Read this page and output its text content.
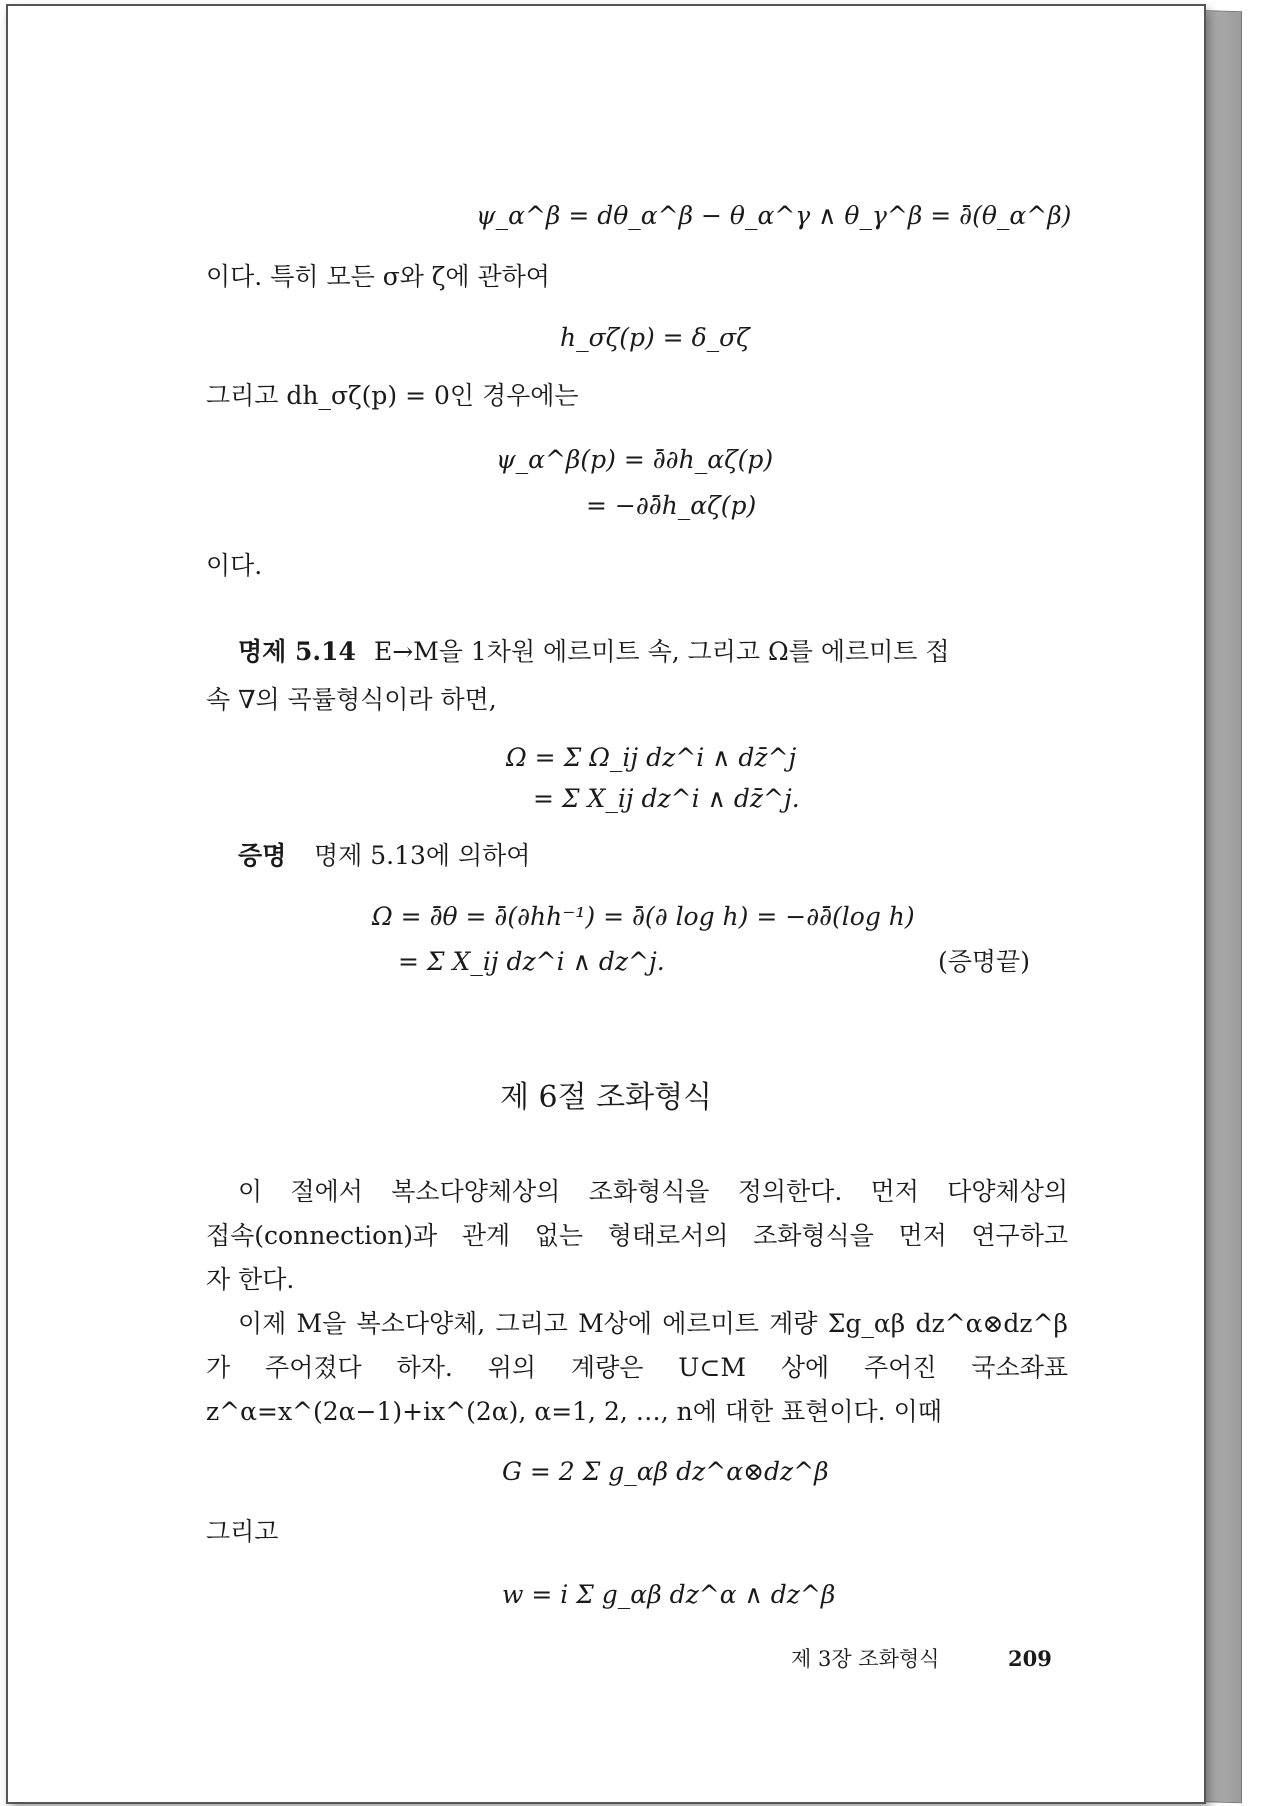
ψ_α^β = dθ_α^β − θ_α^γ ∧ θ_γ^β = ∂̄(θ_α^β)
이다. 특히 모든 σ와 ζ에 관하여
h_σζ(p) = δ_σζ
그리고 dh_σζ(p) = 0인 경우에는
ψ_α^β(p) = ∂̄∂h_αζ(p)
= −∂∂̄h_αζ(p)
이다.
명제 5.14 E→M을 1차원 에르미트 속, 그리고 Ω를 에르미트 접
속 ∇의 곡률형식이라 하면,
Ω = Σ Ω_ij dz^i ∧ dz̄^j
= Σ X_ij dz^i ∧ dz̄^j.
증명 명제 5.13에 의하여
Ω = ∂̄θ = ∂̄(∂hh⁻¹) = ∂̄(∂ log h) = −∂∂̄(log h)
= Σ X_ij dz^i ∧ dz^j.	(증명끝)
제 6절 조화형식
이 절에서 복소다양체상의 조화형식을 정의한다. 먼저 다양체상의
접속(connection)과 관계 없는 형태로서의 조화형식을 먼저 연구하고
자 한다.
이제 M을 복소다양체, 그리고 M상에 에르미트 계량 Σg_αβ dz^α⊗dz^β
가 주어졌다 하자. 위의 계량은 U⊂M 상에 주어진 국소좌표
z^α=x^(2α−1)+ix^(2α), α=1, 2, …, n에 대한 표현이다. 이때
G = 2 Σ g_αβ dz^α⊗dz^β
그리고
w = i Σ g_αβ dz^α ∧ dz^β
제 3장 조화형식	209
